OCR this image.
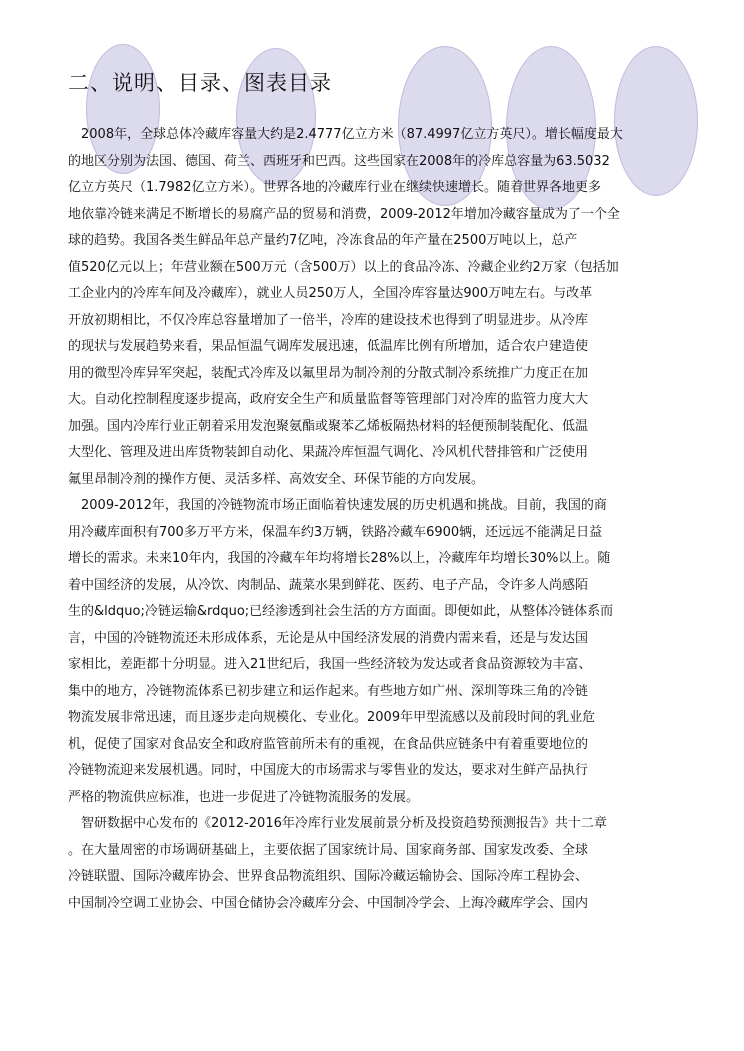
二、说明、目录、图表目录
　2008年，全球总体冷藏库容量大约是2.4777亿立方米（87.4997亿立方英尺）。增长幅度最大
的地区分别为法国、德国、荷兰、西班牙和巴西。这些国家在2008年的冷库总容量为63.5032
亿立方英尺（1.7982亿立方米）。世界各地的冷藏库行业在继续快速增长。随着世界各地更多
地依靠冷链来满足不断增长的易腐产品的贸易和消费，2009-2012年增加冷藏容量成为了一个全
球的趋势。我国各类生鲜品年总产量约7亿吨，冷冻食品的年产量在2500万吨以上，总产
值520亿元以上；年营业额在500万元（含500万）以上的食品冷冻、冷藏企业约2万家（包括加
工企业内的冷库车间及冷藏库），就业人员250万人，全国冷库容量达900万吨左右。与改革
开放初期相比，不仅冷库总容量增加了一倍半，冷库的建设技术也得到了明显进步。从冷库
的现状与发展趋势来看，果品恒温气调库发展迅速，低温库比例有所增加，适合农户建造使
用的微型冷库异军突起，装配式冷库及以氟里昂为制冷剂的分散式制冷系统推广力度正在加
大。自动化控制程度逐步提高，政府安全生产和质量监督等管理部门对冷库的监管力度大大
加强。国内冷库行业正朝着采用发泡聚氨酯或聚苯乙烯板隔热材料的轻便预制装配化、低温
大型化、管理及进出库货物装卸自动化、果蔬冷库恒温气调化、冷风机代替排管和广泛使用
氟里昂制冷剂的操作方便、灵活多样、高效安全、环保节能的方向发展。
　2009-2012年，我国的冷链物流市场正面临着快速发展的历史机遇和挑战。目前，我国的商
用冷藏库面积有700多万平方米，保温车约3万辆，铁路冷藏车6900辆，还远远不能满足日益
增长的需求。未来10年内，我国的冷藏车年均将增长28%以上，冷藏库年均增长30%以上。随
着中国经济的发展，从冷饮、肉制品、蔬菜水果到鲜花、医药、电子产品，令许多人尚感陌
生的&ldquo;冷链运输&rdquo;已经渗透到社会生活的方方面面。即便如此，从整体冷链体系而
言，中国的冷链物流还未形成体系，无论是从中国经济发展的消费内需来看，还是与发达国
家相比，差距都十分明显。进入21世纪后，我国一些经济较为发达或者食品资源较为丰富、
集中的地方，冷链物流体系已初步建立和运作起来。有些地方如广州、深圳等珠三角的冷链
物流发展非常迅速，而且逐步走向规模化、专业化。2009年甲型流感以及前段时间的乳业危
机，促使了国家对食品安全和政府监管前所未有的重视，在食品供应链条中有着重要地位的
冷链物流迎来发展机遇。同时，中国庞大的市场需求与零售业的发达，要求对生鲜产品执行
严格的物流供应标准，也进一步促进了冷链物流服务的发展。
　智研数据中心发布的《2012-2016年冷库行业发展前景分析及投资趋势预测报告》共十二章
。在大量周密的市场调研基础上，主要依据了国家统计局、国家商务部、国家发改委、全球
冷链联盟、国际冷藏库协会、世界食品物流组织、国际冷藏运输协会、国际冷库工程协会、
中国制冷空调工业协会、中国仓储协会冷藏库分会、中国制冷学会、上海冷藏库学会、国内
